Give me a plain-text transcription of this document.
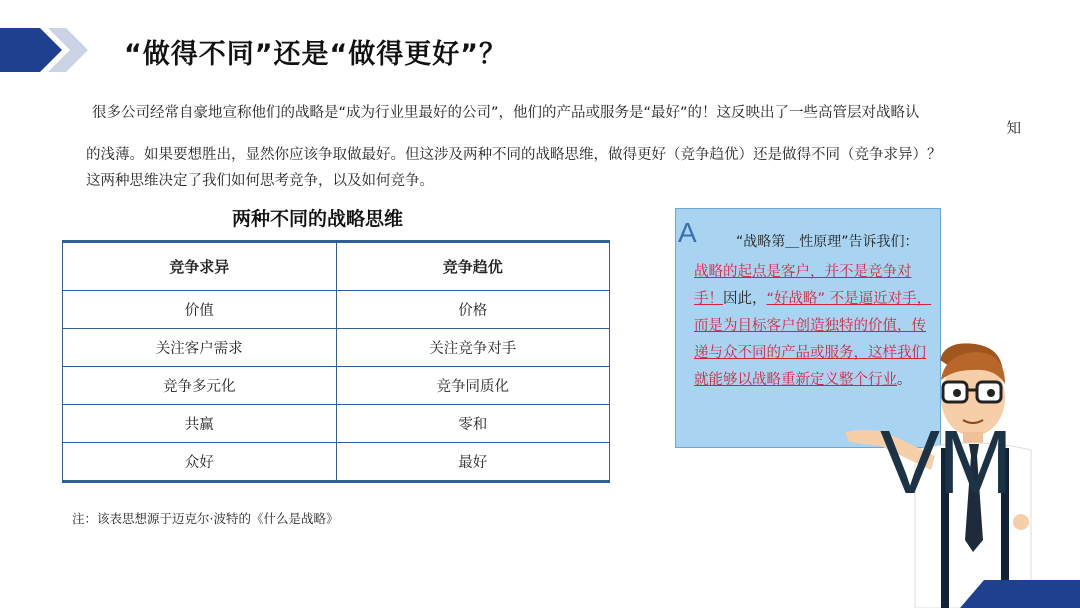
“做得不同”还是“做得更好”？

很多公司经常自豪地宣称他们的战略是“成为行业里最好的公司”，他们的产品或服务是“最好”的！这反映出了一些高管层对战略认

知

的浅薄。如果要想胜出，显然你应该争取做最好。但这涉及两种不同的战略思维，做得更好（竞争趋优）还是做得不同（竞争求异）？

这两种思维决定了我们如何思考竞争，以及如何竞争。

两种不同的战略思维
竞争求异	竞争趋优
价值	价格
关注客户需求	关注竞争对手
竞争多元化	竞争同质化
共赢	零和
众好	最好
注：该表思想源于迈克尔·波特的《什么是战略》
A	“战略第＿性原理”告诉我们：
战略的起点是客户，并不是竞争对手！因此，“好战略” 不是逼近对手，而是为目标客户创造独特的价值，传递与众不同的产品或服务，这样我们就能够以战略重新定义整个行业。
VM
